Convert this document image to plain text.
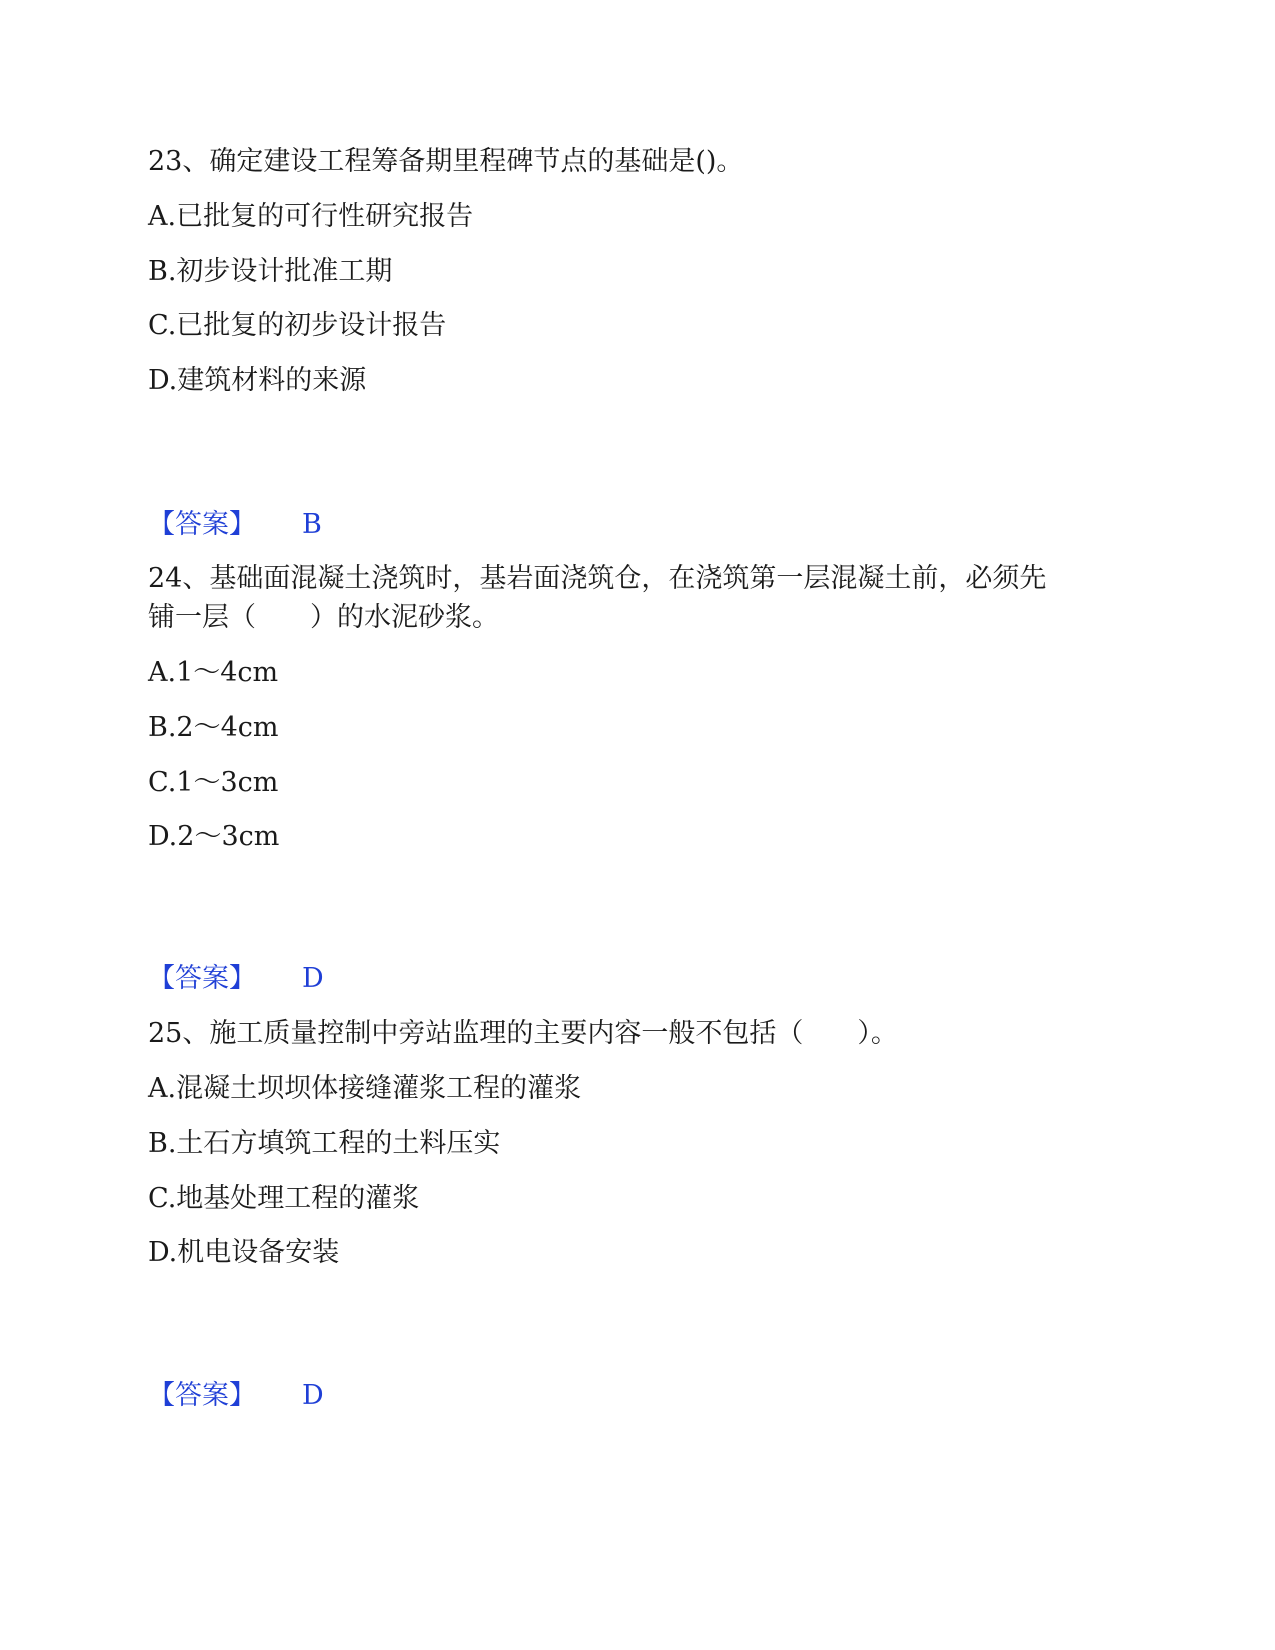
23、确定建设工程筹备期里程碑节点的基础是()。
A.已批复的可行性研究报告
B.初步设计批准工期
C.已批复的初步设计报告
D.建筑材料的来源
【答案】 B
24、基础面混凝土浇筑时，基岩面浇筑仓，在浇筑第一层混凝土前，必须先
铺一层（　　）的水泥砂浆。
A.1～4cm
B.2～4cm
C.1～3cm
D.2～3cm
【答案】 D
25、施工质量控制中旁站监理的主要内容一般不包括（　　）。
A.混凝土坝坝体接缝灌浆工程的灌浆
B.土石方填筑工程的土料压实
C.地基处理工程的灌浆
D.机电设备安装
【答案】 D
